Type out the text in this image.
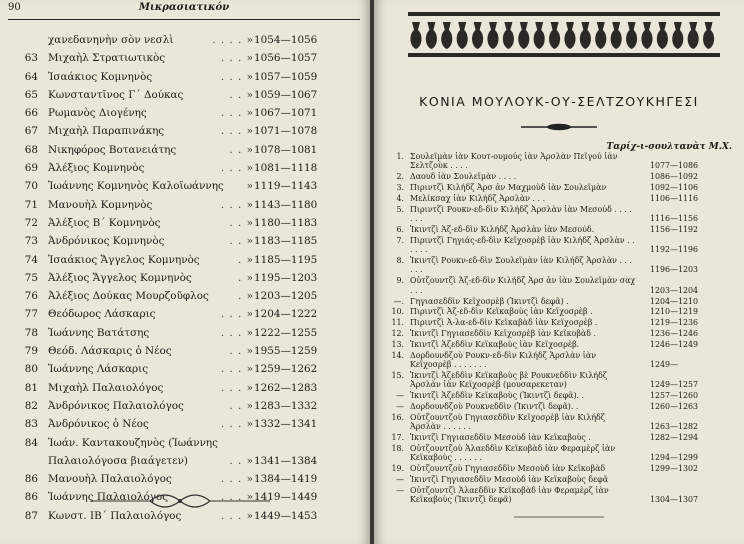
90	Μικρασιατικόν
χανεδανηνὴν σὸν νεσλὶ	. . . . » 1054—1056
63 Μιχαὴλ Στρατιωτικὸς	. . . » 1056—1057
64 Ἰσαάκιος Κομνηνὸς	. . . » 1057—1059
65 Κωνσταντῖνος Γ΄ Δούκας	. . » 1059—1067
66 Ρωμανὸς Διογένης	. . . » 1067—1071
67 Μιχαὴλ Παραπινάκης	. . . » 1071—1078
68 Νικηφόρος Βοτανειάτης	. . » 1078—1081
69 Ἀλέξιος Κομνηνὸς	. . . » 1081—1118
70 Ἰωάννης Κομνηνὸς Καλοϊωάννης	» 1119—1143
71 Μανουὴλ Κομνηνὸς	. . . » 1143—1180
72 Ἀλέξιος Β΄ Κομνηνὸς	. . » 1180—1183
73 Ἀνδρόνικος Κομνηνὸς	. . » 1183—1185
74 Ἰσαάκιος Ἄγγελος Κομνηνὸς	. » 1185—1195
75 Ἀλέξιος Ἄγγελος Κομνηνὸς	. » 1195—1203
76 Ἀλέξιος Δούκας Μουρζοῦφλος	. » 1203—1205
77 Θεόδωρος Λάσκαρις	. . . » 1204—1222
78 Ἰωάννης Βατάτσης	. . . » 1222—1255
79 Θεόδ. Λάσκαρις ὁ Νέος	. . » 1955—1259
80 Ἰωάννης Λάσκαρις	. . . » 1259—1262
81 Μιχαὴλ Παλαιολόγος	. . . » 1262—1283
82 Ἀνδρόνικος Παλαιολόγος	. . » 1283—1332
83 Ἀνδρόνικος ὁ Νέος	. . . » 1332—1341
84 Ἰωάν. Καντακουζηνὸς (Ἰωάννης
Παλαιολόγοσα βιαάγετεν)	. . » 1341—1384
86 Μανουὴλ Παλαιολόγος	. . . » 1384—1419
86 Ἰωάννης Παλαιολόγος	. . . » 1419—1449
87 Κωνστ. ΙΒ΄ Παλαιολόγος	. . . » 1449—1453
ΚΟΝΙΑ ΜΟΥΛΟΥΚ-ΟΥ-ΣΕΛΤΖΟΥΚΗΓΕΣΙ
Ταρίχ-ι-σουλτανὰτ Μ.Χ.
1. Σουλεϊμὰν ἰὰν Κουτ-ουμούς ἰὰν Ἀρσλὰν Πεϊγού ἰὰν Σελτζοὺκ . . . .	1077—1086
2. Δαουδ ἰὰν Σουλεϊμὰν . . . .	1086—1092
3. Πιριντζὶ Κιλήδζ Ἀρσ ἀν Μαχμοὺδ ἰὰν Σουλεϊμὰν	1092—1106
4. Μελίκσαχ ἰὰν Κιλήδζ Ἀρσλὰν . . .	1106—1116
5. Πιριντζὶ Ρουκν-εδ-δὶν Κιλήδζ Ἀρσλὰν ἰὰν Μεσούδ . . . . . . .	1116—1156
6. Ἰκιντζὶ Ἀζ-εδ-δὶν Κιλήδζ Ἀρσλὰν ἰὰν Μεσούδ.	1156—1192
7. Πιριντζὶ Γηγιάς-εδ-δὶν Κεϊχοσρὲβ ἰὰν Κιλήδζ Ἀρσλὰν . . . . . .	1192—1196
8. Ἰκιντζὶ Ρουκν-εδ-δὶν Σουλεϊμὰν ἰὰν Κιλήδζ Ἀρσλὰν . . . . . .	1196—1203
9. Οὐτζουντζὶ Ἀζ-εδ-δὶν Κιλήδζ Ἀρσ ἀν ἰὰν Σουλεϊμὰν σαχ . . .	1203—1204
—. Γηγιασεδδὶν Κεϊχοσρὲβ (Ἰκιντζὶ δεφᾶ) .	1204—1210
10. Πιριντζὶ Ἀζ-εδ-δὶν Κεϊκαβοὺς ἰὰν Κεϊχοσρὲβ .	1210—1219
11. Πιριντζὶ Ἀ-λα-εδ-δὶν Κεϊκαβὰδ ἰὰν Κεϊχοσρὲβ .	1219—1236
12. Ἰκιντζὶ Γηγιασεδδὶν Κεϊχοσρὲβ ἰὰν Κεϊκοβὰδ .	1236—1246
13. Ἰκιντζὶ Ἀζεδδὶν Κεϊκαβοὺς ἰὰν Κεϊχοσρὲβ.	1246—1249
14. Δορδουνδζοὺ Ρουκν-εδ-δὶν Κιλήδζ Ἀρσλὰν ἰὰν Κεϊχοσρὲβ . . . . . . .	1249—
15. Ἰκιντζὶ Ἀζεδδὶν Κεϊκαβοὺς βὲ Ρουκνεδδὶν Κιλήδζ Ἀρσλὰν ἰὰν Κεϊχοσρὲβ (μουσαρεκεταν)	1249—1257
— Ἰκιντζὶ Ἀζεδδὶν Κεϊκαβοὺς (Ἰκιντζὶ δεφᾶ). .	1257—1260
— Δορδουνδζοὺ Ρουκνεδδὶν (Ἰκιντζὶ δεφᾶ). .	1260—1263
16. Οὐτζουντζοὺ Γηγιασεδδὶν Κεϊχοσρὲβ ἰὰν Κιλήδζ Ἀρσλὰν . . . . . .	1263—1282
17. Ἰκιντζὶ Γηγιασεδδὶν Μεσοὺδ ἰὰν Κεϊκαβοὺς .	1282—1294
18. Οὐτζουντζοὺ Ἀλαεδδὶν Κεϊκοβὰδ ἰὰν Φεραμὲρζ ἰὰν Κεϊκαβοὺς . . . . . .	1294—1299
19. Οὐτζουντζοὺ Γηγιασεδδὶν Μεσοὺδ ἰὰν Κεϊκοβὰδ	1299—1302
— Ἰκιντζὶ Γηγιασεδδὶν Μεσοὺδ ἰὰν Κεϊκαβοὺς δεφᾶ
— Οὐτζουντζὶ Ἀλαεδδὶν Κεϊκοβὰδ ἰὰν Φεραμὲρζ ἰὰν Κεϊκαβοὺς (Ἰκιντζὶ δεφᾶ)	1304—1307
